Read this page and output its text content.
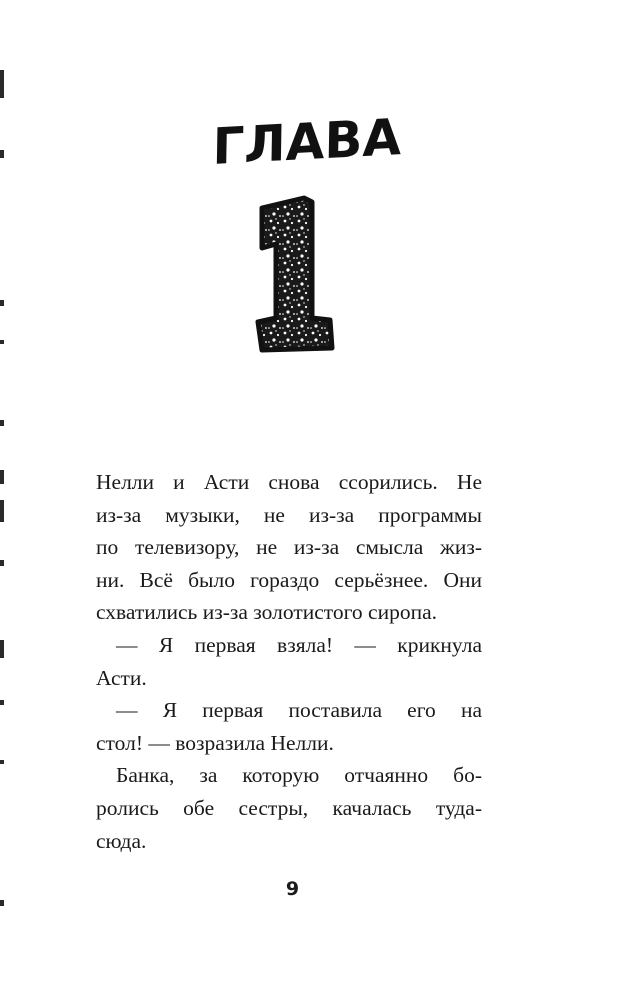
ГЛАВА
Нелли и Асти снова ссорились. Не
из-за музыки, не из-за программы
по телевизору, не из-за смысла жиз-
ни. Всё было гораздо серьёзнее. Они
схватились из-за золотистого сиропа.
— Я первая взяла! — крикнула
Асти.
— Я первая поставила его на
стол! — возразила Нелли.
Банка, за которую отчаянно бо-
ролись обе сестры, качалась туда-
сюда.
9
